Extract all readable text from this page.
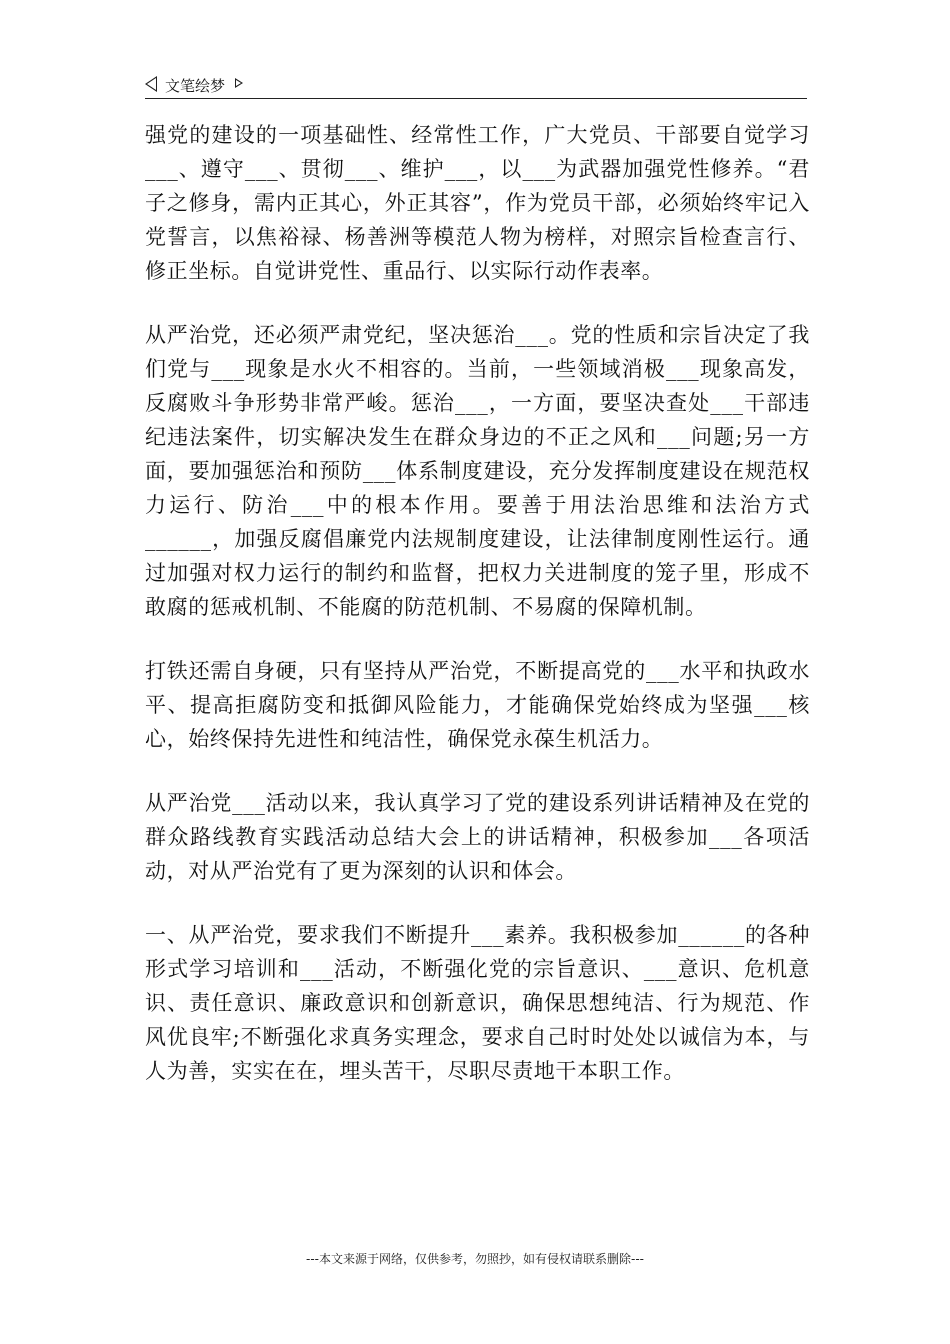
文笔绘梦

强党的建设的一项基础性、经常性工作，广大党员、干部要自觉学习___、遵守___、贯彻___、维护___，以___为武器加强党性修养。“君子之修身，需内正其心，外正其容”，作为党员干部，必须始终牢记入党誓言，以焦裕禄、杨善洲等模范人物为榜样，对照宗旨检查言行、修正坐标。自觉讲党性、重品行、以实际行动作表率。

从严治党，还必须严肃党纪，坚决惩治___。党的性质和宗旨决定了我们党与___现象是水火不相容的。当前，一些领域消极___现象高发，反腐败斗争形势非常严峻。惩治___，一方面，要坚决查处___干部违纪违法案件，切实解决发生在群众身边的不正之风和___问题;另一方面，要加强惩治和预防___体系制度建设，充分发挥制度建设在规范权力运行、防治___中的根本作用。要善于用法治思维和法治方式______，加强反腐倡廉党内法规制度建设，让法律制度刚性运行。通过加强对权力运行的制约和监督，把权力关进制度的笼子里，形成不敢腐的惩戒机制、不能腐的防范机制、不易腐的保障机制。

打铁还需自身硬，只有坚持从严治党，不断提高党的___水平和执政水平、提高拒腐防变和抵御风险能力，才能确保党始终成为坚强___核心，始终保持先进性和纯洁性，确保党永葆生机活力。

从严治党___活动以来，我认真学习了党的建设系列讲话精神及在党的群众路线教育实践活动总结大会上的讲话精神，积极参加___各项活动，对从严治党有了更为深刻的认识和体会。

一、从严治党，要求我们不断提升___素养。我积极参加______的各种形式学习培训和___活动，不断强化党的宗旨意识、___意识、危机意识、责任意识、廉政意识和创新意识，确保思想纯洁、行为规范、作风优良牢;不断强化求真务实理念，要求自己时时处处以诚信为本，与人为善，实实在在，埋头苦干，尽职尽责地干本职工作。

---本文来源于网络，仅供参考，勿照抄，如有侵权请联系删除---
